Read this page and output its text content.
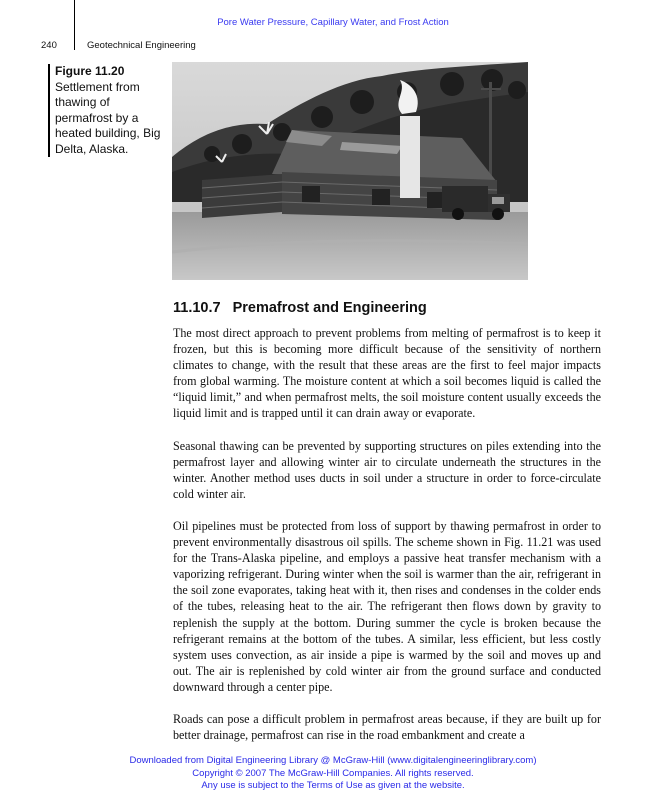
Pore Water Pressure, Capillary Water, and Frost Action
240	Geotechnical Engineering
Figure 11.20
Settlement from thawing of permafrost by a heated building, Big Delta, Alaska.
11.10.7 Premafrost and Engineering

The most direct approach to prevent problems from melting of permafrost is to keep it frozen, but this is becoming more difficult because of the sensitivity of northern climates to change, with the result that these areas are the first to feel major impacts from global warming. The moisture content at which a soil becomes liquid is called the “liquid limit,” and when permafrost melts, the soil moisture content usually exceeds the liquid limit and is trapped until it can drain away or evaporate.

Seasonal thawing can be prevented by supporting structures on piles extending into the permafrost layer and allowing winter air to circulate underneath the structures in the winter. Another method uses ducts in soil under a structure in order to force-circulate cold winter air.

Oil pipelines must be protected from loss of support by thawing permafrost in order to prevent environmentally disastrous oil spills. The scheme shown in Fig. 11.21 was used for the Trans-Alaska pipeline, and employs a passive heat transfer mechanism with a vaporizing refrigerant. During winter when the soil is warmer than the air, refrigerant in the soil zone evaporates, taking heat with it, then rises and condenses in the colder ends of the tubes, releasing heat to the air. The refrigerant then flows down by gravity to replenish the supply at the bottom. During summer the cycle is broken because the refrigerant remains at the bottom of the tubes. A similar, less efficient, but less costly system uses convection, as air inside a pipe is warmed by the soil and moves up and out. The air is replenished by cold winter air from the ground surface and conducted downward through a center pipe.

Roads can pose a difficult problem in permafrost areas because, if they are built up for better drainage, permafrost can rise in the road embankment and create a

Downloaded from Digital Engineering Library @ McGraw-Hill (www.digitalengineeringlibrary.com)
Copyright © 2007 The McGraw-Hill Companies. All rights reserved.
Any use is subject to the Terms of Use as given at the website.
